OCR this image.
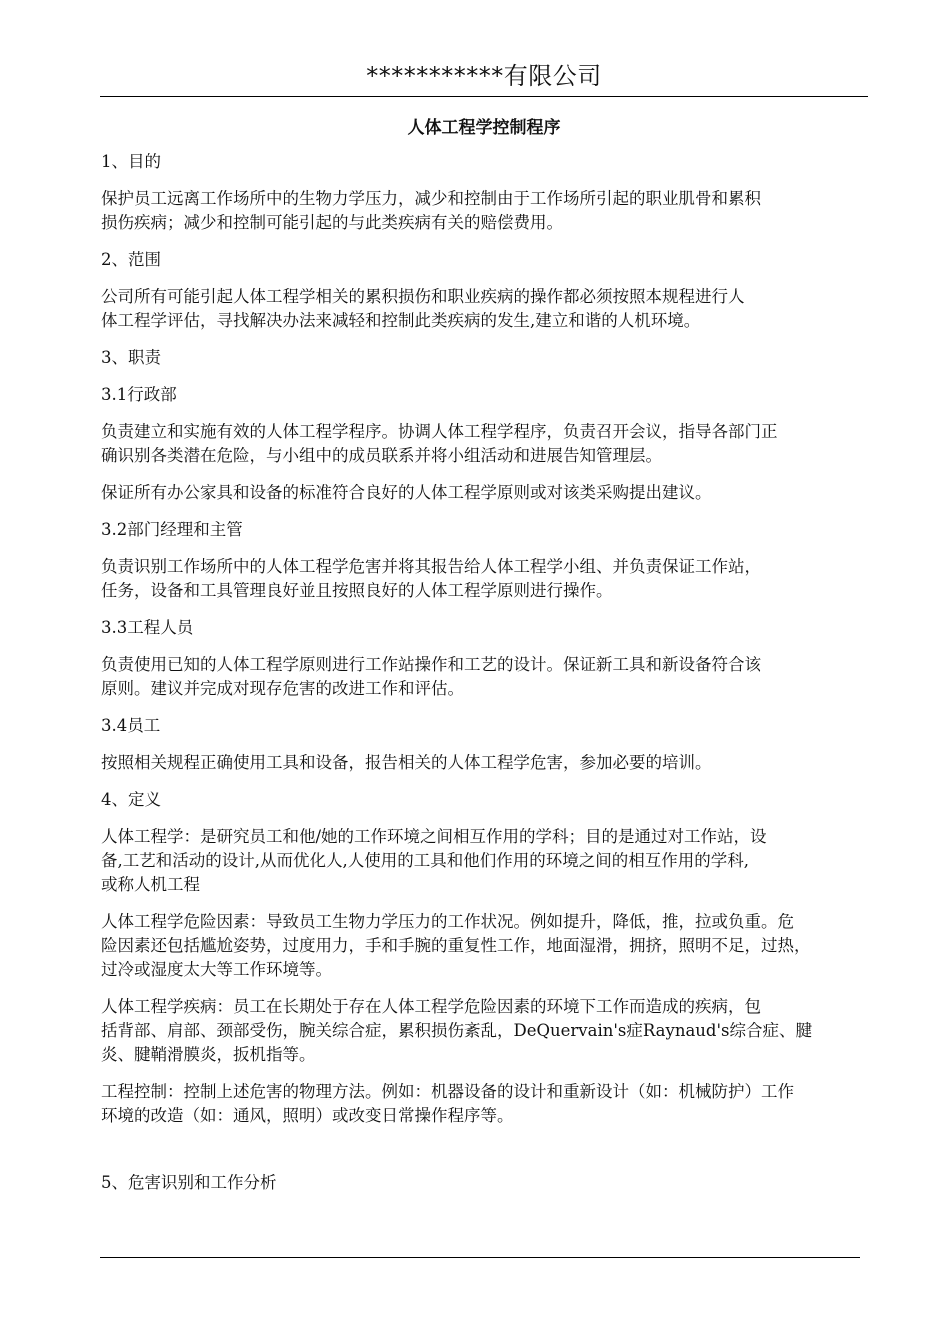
***********有限公司
人体工程学控制程序
1、目的
保护员工远离工作场所中的生物力学压力，减少和控制由于工作场所引起的职业肌骨和累积
损伤疾病；减少和控制可能引起的与此类疾病有关的赔偿费用。
2、范围
公司所有可能引起人体工程学相关的累积损伤和职业疾病的操作都必须按照本规程进行人
体工程学评估，寻找解决办法来减轻和控制此类疾病的发生,建立和谐的人机环境。
3、职责
3.1行政部
负责建立和实施有效的人体工程学程序。协调人体工程学程序，负责召开会议，指导各部门正
确识别各类潜在危险，与小组中的成员联系并将小组活动和进展告知管理层。
保证所有办公家具和设备的标准符合良好的人体工程学原则或对该类采购提出建议。
3.2部门经理和主管
负责识别工作场所中的人体工程学危害并将其报告给人体工程学小组、并负责保证工作站，
任务，设备和工具管理良好並且按照良好的人体工程学原则进行操作。
3.3工程人员
负责使用已知的人体工程学原则进行工作站操作和工艺的设计。保证新工具和新设备符合该
原则。建议并完成对现存危害的改进工作和评估。
3.4员工
按照相关规程正确使用工具和设备，报告相关的人体工程学危害，参加必要的培训。
4、定义
人体工程学：是研究员工和他/她的工作环境之间相互作用的学科；目的是通过对工作站，设
备,工艺和活动的设计,从而优化人,人使用的工具和他们作用的环境之间的相互作用的学科,
或称人机工程
人体工程学危险因素：导致员工生物力学压力的工作状况。例如提升，降低，推，拉或负重。危
险因素还包括尴尬姿势，过度用力，手和手腕的重复性工作，地面湿滑，拥挤，照明不足，过热，
过冷或湿度太大等工作环境等。
人体工程学疾病：员工在长期处于存在人体工程学危险因素的环境下工作而造成的疾病，包
括背部、肩部、颈部受伤，腕关综合症，累积损伤紊乱，DeQuervain's症Raynaud's综合症、腱
炎、腱鞘滑膜炎，扳机指等。
工程控制：控制上述危害的物理方法。例如：机器设备的设计和重新设计（如：机械防护）工作
环境的改造（如：通风，照明）或改变日常操作程序等。
5、危害识别和工作分析
